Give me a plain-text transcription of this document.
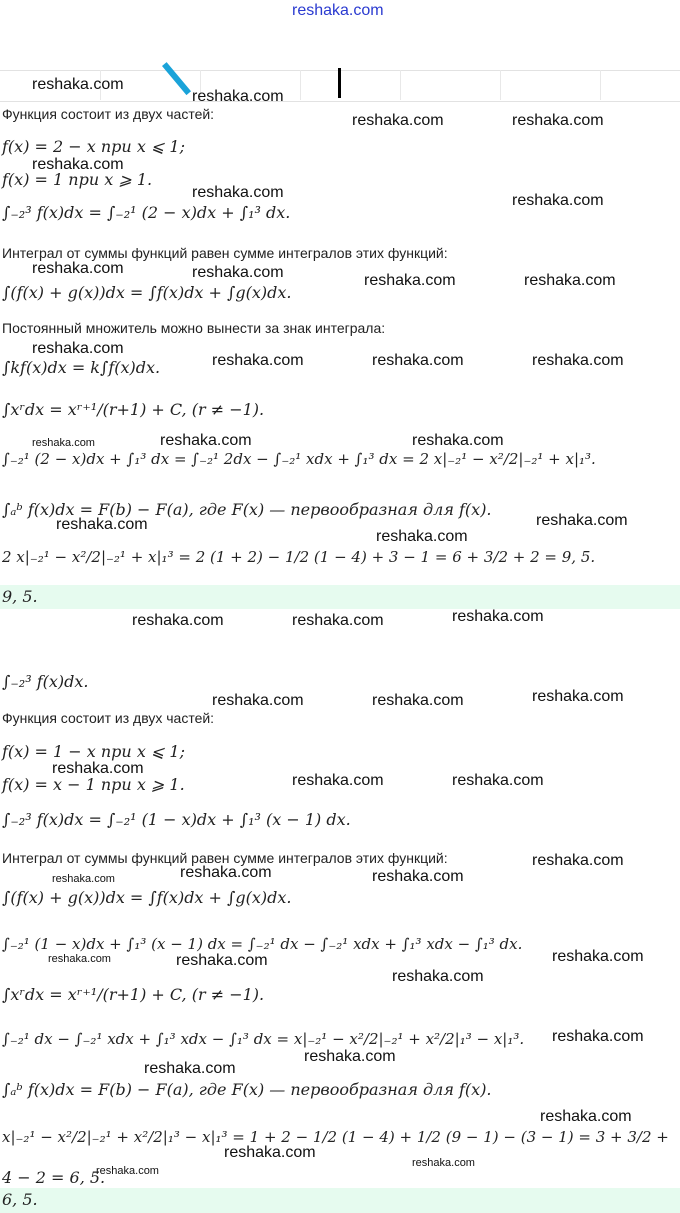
reshaka.com
Функция состоит из двух частей:
f(x) = 2 − x при x ⩽ 1;
f(x) = 1 при x ⩾ 1.
∫₋₂³ f(x)dx = ∫₋₂¹ (2 − x)dx + ∫₁³ dx.
Интеграл от суммы функций равен сумме интегралов этих функций:
∫(f(x) + g(x))dx = ∫f(x)dx + ∫g(x)dx.
Постоянный множитель можно вынести за знак интеграла:
∫kf(x)dx = k∫f(x)dx.
∫xʳdx = xʳ⁺¹/(r+1) + C, (r ≠ −1).
∫₋₂¹ (2 − x)dx + ∫₁³ dx = ∫₋₂¹ 2dx − ∫₋₂¹ xdx + ∫₁³ dx = 2 x|₋₂¹ − x²/2|₋₂¹ + x|₁³.
∫ₐᵇ f(x)dx = F(b) − F(a), где F(x) — первообразная для f(x).
2 x|₋₂¹ − x²/2|₋₂¹ + x|₁³ = 2 (1 + 2) − 1/2 (1 − 4) + 3 − 1 = 6 + 3/2 + 2 = 9, 5.
9, 5.
∫₋₂³ f(x)dx.
Функция состоит из двух частей:
f(x) = 1 − x при x ⩽ 1;
f(x) = x − 1 при x ⩾ 1.
∫₋₂³ f(x)dx = ∫₋₂¹ (1 − x)dx + ∫₁³ (x − 1) dx.
Интеграл от суммы функций равен сумме интегралов этих функций:
∫(f(x) + g(x))dx = ∫f(x)dx + ∫g(x)dx.
∫₋₂¹ (1 − x)dx + ∫₁³ (x − 1) dx = ∫₋₂¹ dx − ∫₋₂¹ xdx + ∫₁³ xdx − ∫₁³ dx.
∫xʳdx = xʳ⁺¹/(r+1) + C, (r ≠ −1).
∫₋₂¹ dx − ∫₋₂¹ xdx + ∫₁³ xdx − ∫₁³ dx = x|₋₂¹ − x²/2|₋₂¹ + x²/2|₁³ − x|₁³.
∫ₐᵇ f(x)dx = F(b) − F(a), где F(x) — первообразная для f(x).
x|₋₂¹ − x²/2|₋₂¹ + x²/2|₁³ − x|₁³ = 1 + 2 − 1/2 (1 − 4) + 1/2 (9 − 1) − (3 − 1) = 3 + 3/2 +
4 − 2 = 6, 5.
6, 5.
reshaka.com
reshaka.com
reshaka.com	reshaka.com
reshaka.com
reshaka.com	reshaka.com
reshaka.com	reshaka.com	reshaka.com	reshaka.com
reshaka.com
reshaka.com	reshaka.com	reshaka.com
reshaka.com	reshaka.com	reshaka.com
reshaka.com
reshaka.com
reshaka.com
reshaka.com	reshaka.com	reshaka.com
reshaka.com	reshaka.com	reshaka.com
reshaka.com
reshaka.com	reshaka.com
reshaka.com
reshaka.com	reshaka.com	reshaka.com
reshaka.com	reshaka.com
reshaka.com
reshaka.com
reshaka.com
reshaka.com
reshaka.com
reshaka.com
reshaka.com
reshaka.com
reshaka.com
